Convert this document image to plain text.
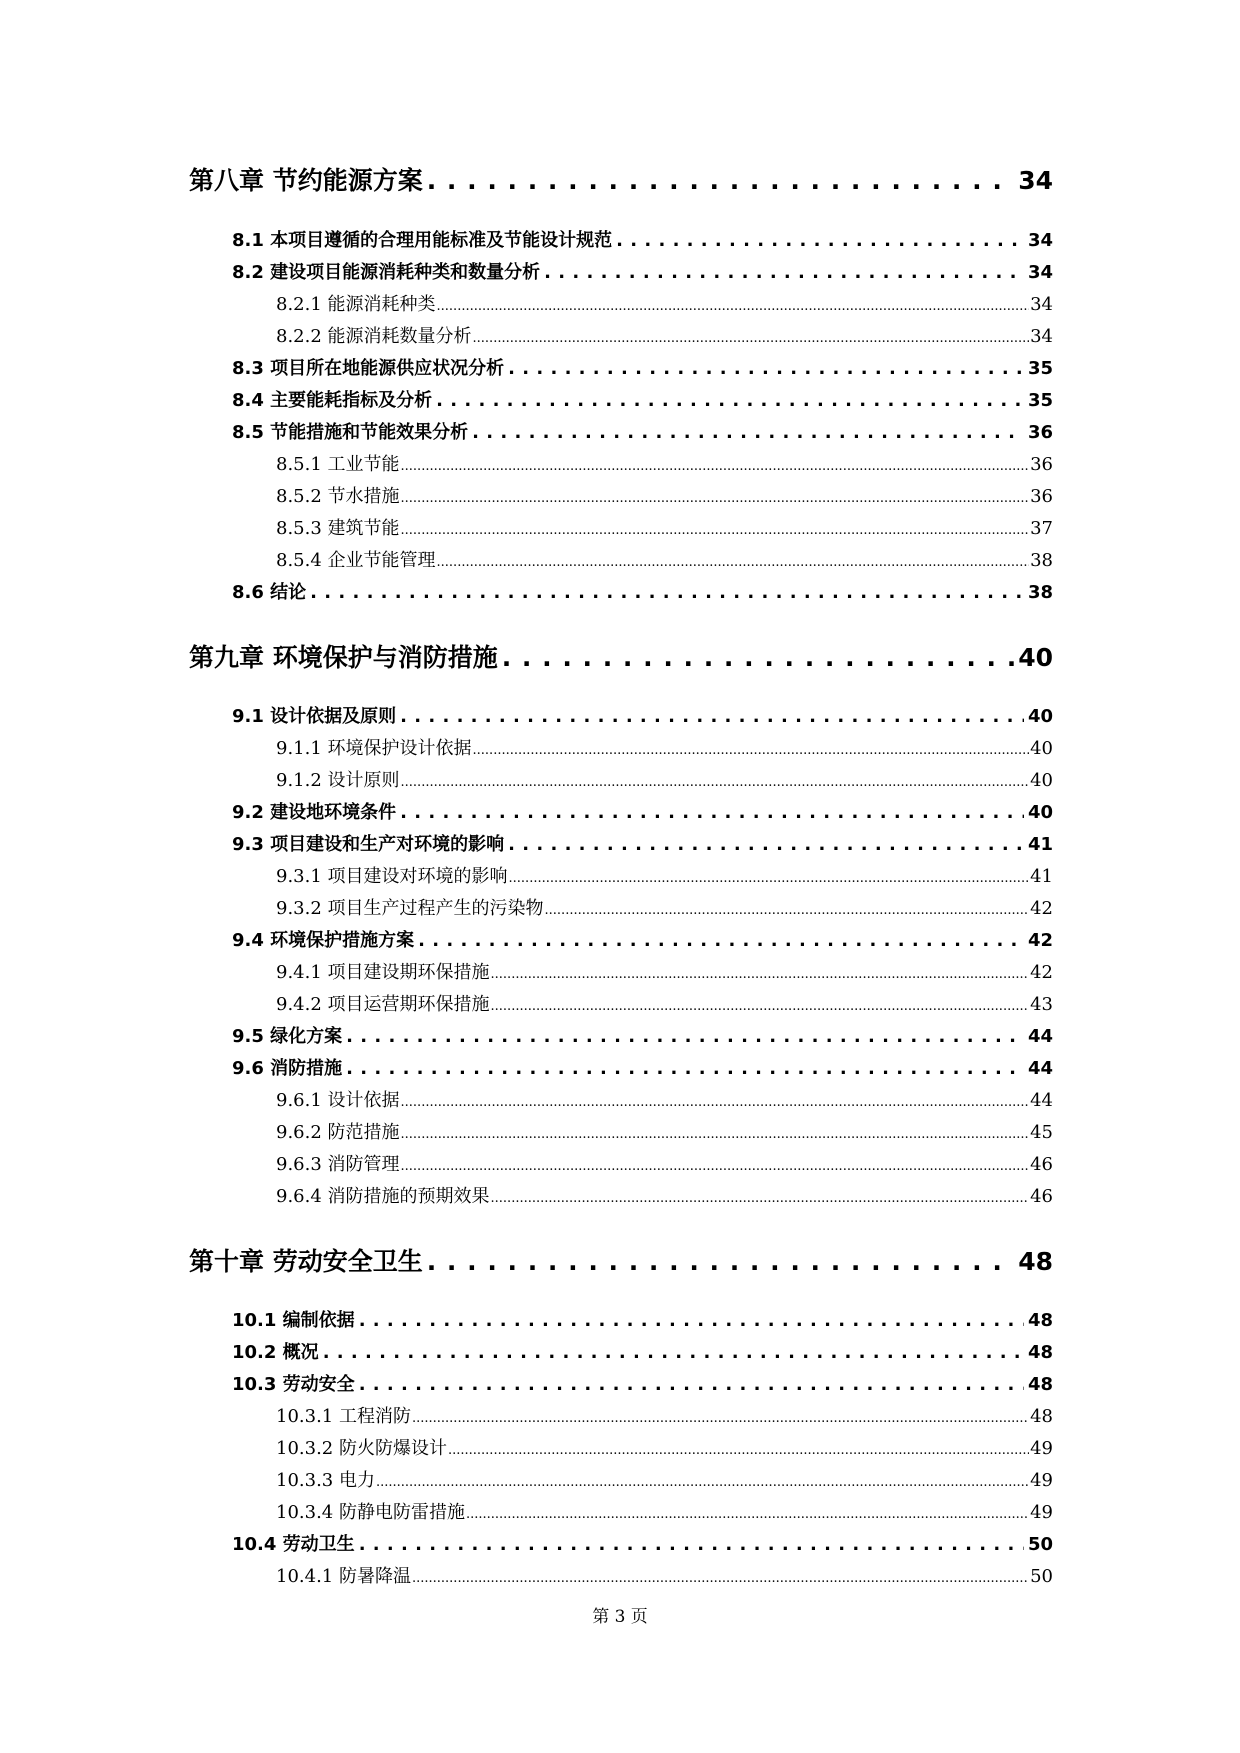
第八章 节约能源方案 . . .	34
8.1 本项目遵循的合理用能标准及节能设计规范 . . .	34
8.2 建设项目能源消耗种类和数量分析 . . .	34
8.2.1 能源消耗种类 .....	34
8.2.2 能源消耗数量分析 .....	34
8.3 项目所在地能源供应状况分析 . . .	35
8.4 主要能耗指标及分析 . . .	35
8.5 节能措施和节能效果分析 . . .	36
8.5.1 工业节能 .....	36
8.5.2 节水措施 .....	36
8.5.3 建筑节能 .....	37
8.5.4 企业节能管理 .....	38
8.6 结论 . . .	38
第九章 环境保护与消防措施 . . .	40
9.1 设计依据及原则 . . .	40
9.1.1 环境保护设计依据 .....	40
9.1.2 设计原则 .....	40
9.2 建设地环境条件 . . .	40
9.3 项目建设和生产对环境的影响 . . .	41
9.3.1 项目建设对环境的影响 .....	41
9.3.2 项目生产过程产生的污染物 .....	42
9.4 环境保护措施方案 . . .	42
9.4.1 项目建设期环保措施 .....	42
9.4.2 项目运营期环保措施 .....	43
9.5 绿化方案 . . .	44
9.6 消防措施 . . .	44
9.6.1 设计依据 .....	44
9.6.2 防范措施 .....	45
9.6.3 消防管理 .....	46
9.6.4 消防措施的预期效果 .....	46
第十章 劳动安全卫生 . . .	48
10.1 编制依据 . . .	48
10.2 概况 . . .	48
10.3 劳动安全 . . .	48
10.3.1 工程消防 .....	48
10.3.2 防火防爆设计 .....	49
10.3.3 电力 .....	49
10.3.4 防静电防雷措施 .....	49
10.4 劳动卫生 . . .	50
10.4.1 防暑降温 .....	50
第 3 页
